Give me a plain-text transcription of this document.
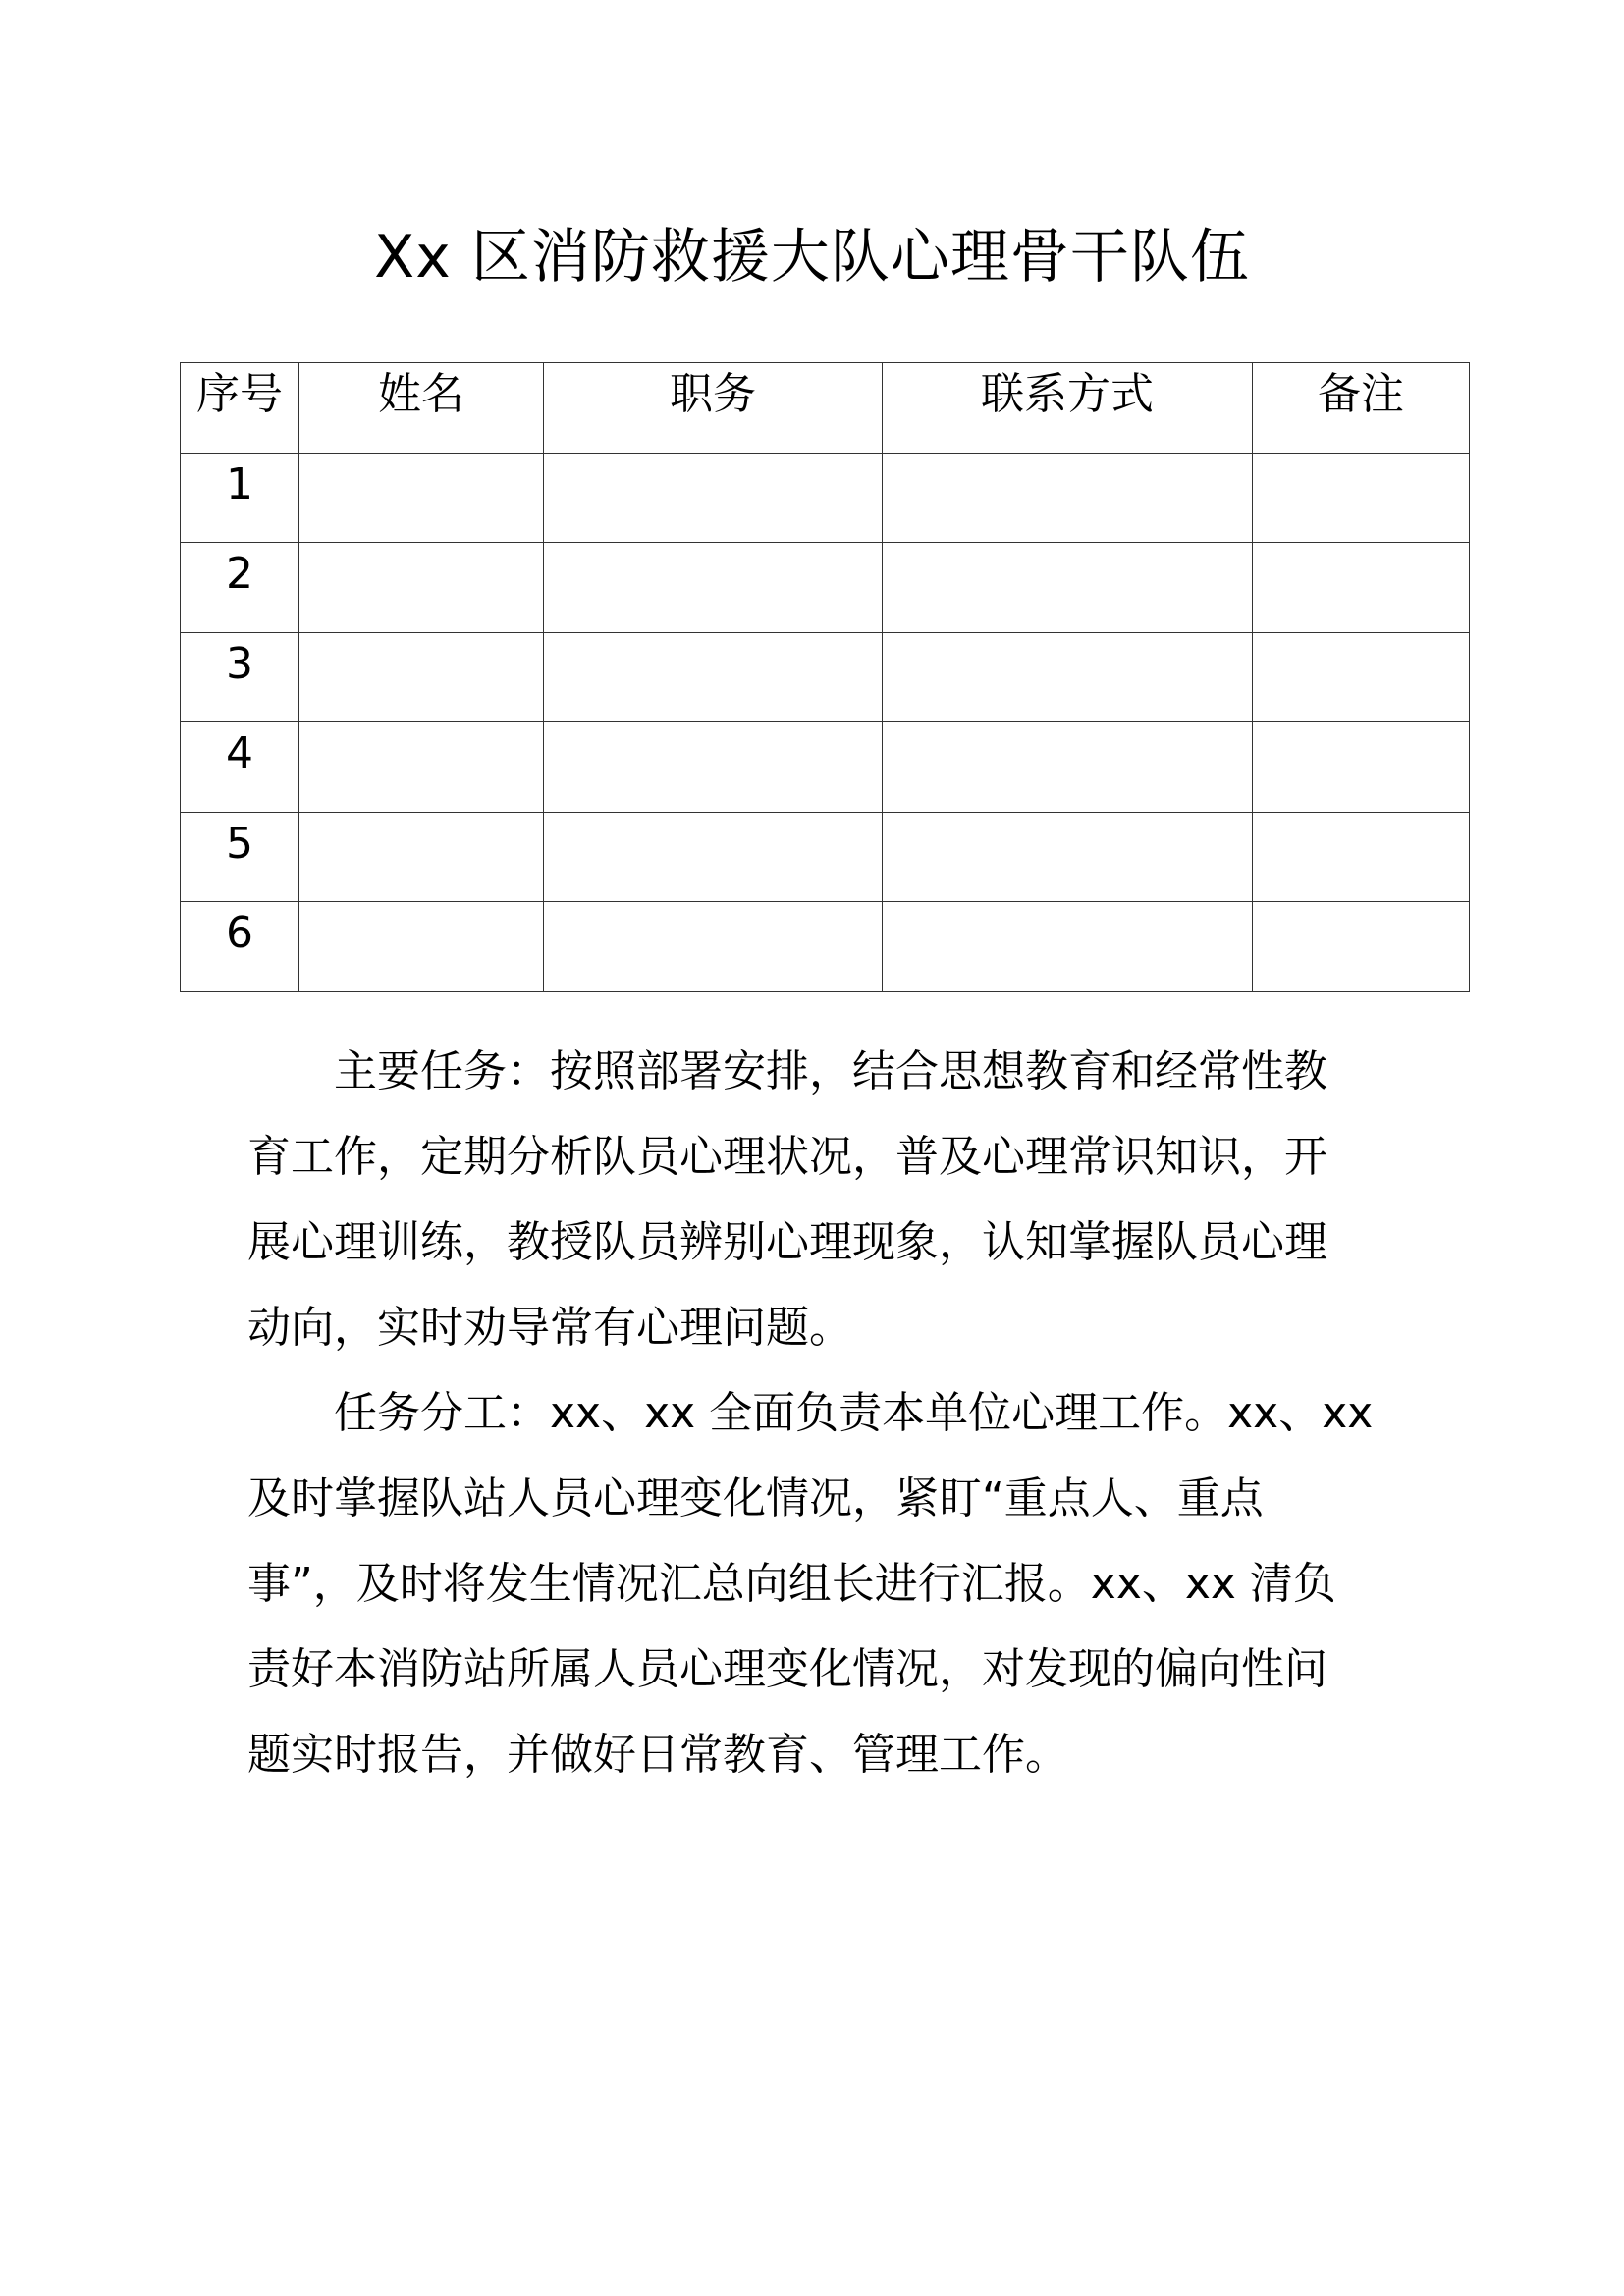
Xx 区消防救援大队心理骨干队伍
序号	姓名	职务	联系方式	备注
1				
2				
3				
4				
5				
6				
主要任务：按照部署安排，结合思想教育和经常性教
育工作，定期分析队员心理状况，普及心理常识知识，开
展心理训练，教授队员辨别心理现象，认知掌握队员心理
动向，实时劝导常有心理问题。
任务分工：xx、xx 全面负责本单位心理工作。xx、xx
及时掌握队站人员心理变化情况，紧盯“重点人、重点
事”，及时将发生情况汇总向组长进行汇报。xx、xx 清负
责好本消防站所属人员心理变化情况，对发现的偏向性问
题实时报告，并做好日常教育、管理工作。
